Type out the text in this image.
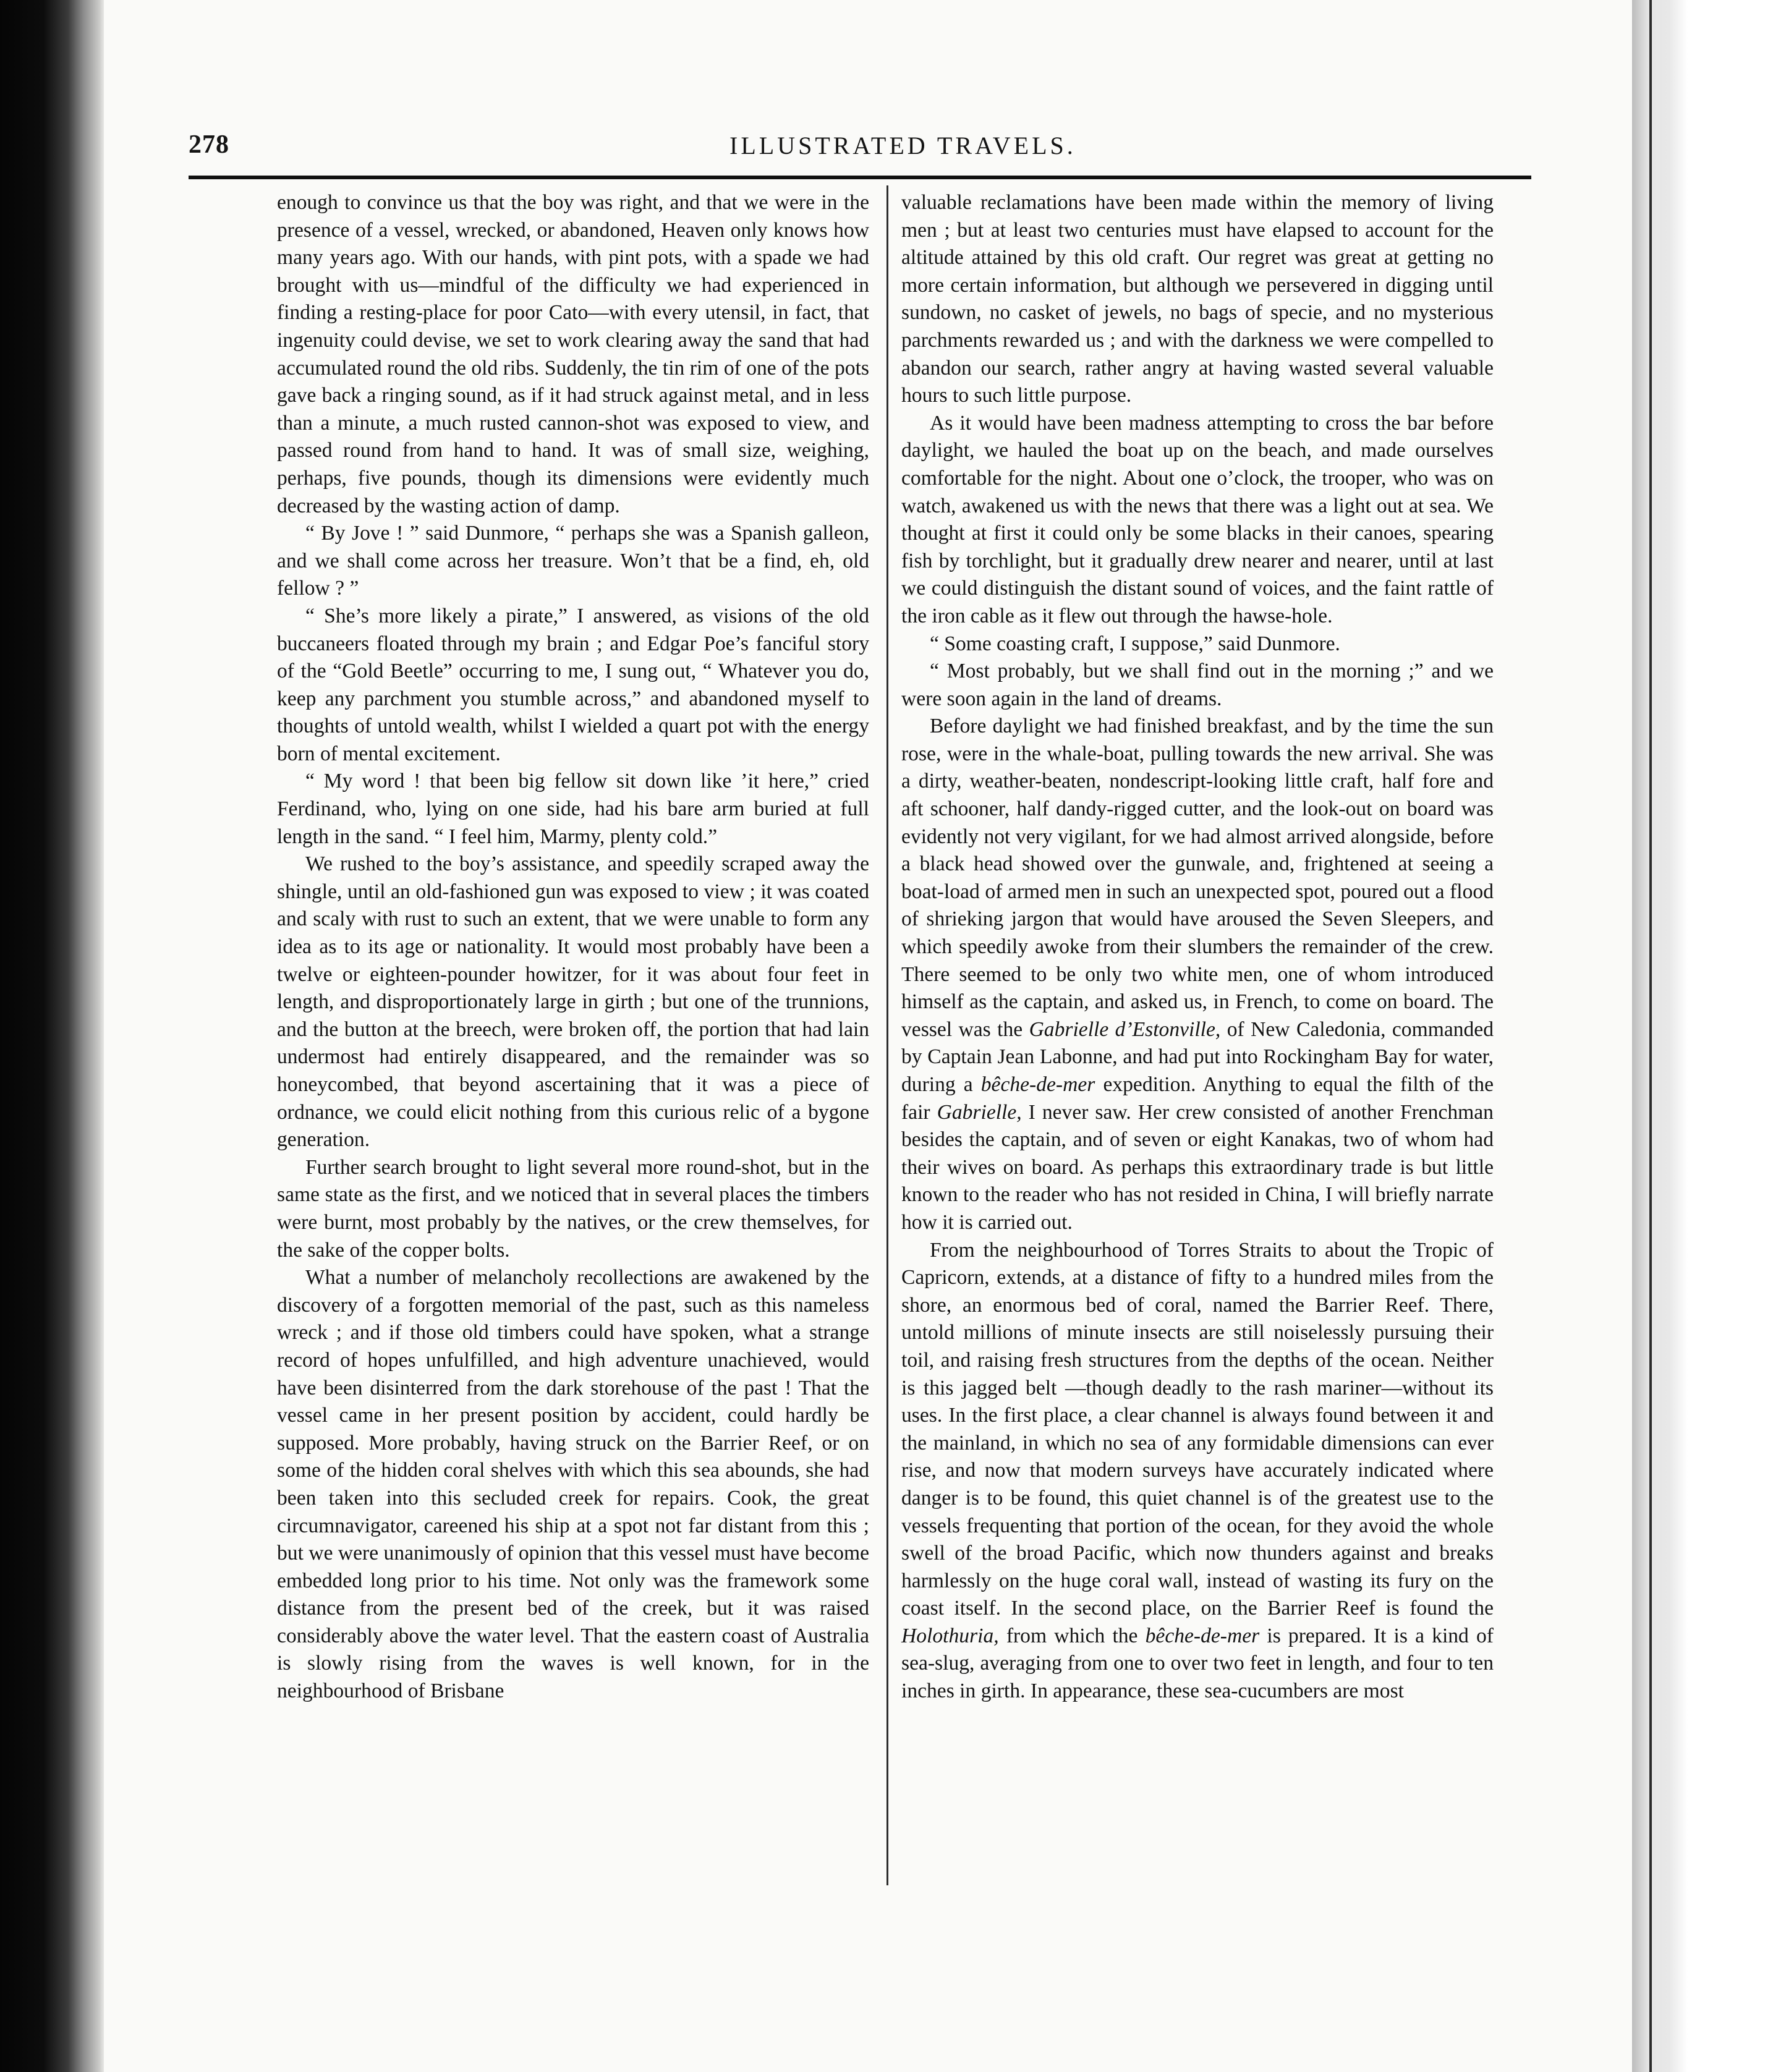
278	ILLUSTRATED TRAVELS.

enough to convince us that the boy was right, and that we were in the presence of a vessel, wrecked, or abandoned, Heaven only knows how many years ago. With our hands, with pint pots, with a spade we had brought with us—mindful of the difficulty we had experienced in finding a resting-place for poor Cato—with every utensil, in fact, that ingenuity could devise, we set to work clearing away the sand that had accumulated round the old ribs. Suddenly, the tin rim of one of the pots gave back a ringing sound, as if it had struck against metal, and in less than a minute, a much rusted cannon-shot was exposed to view, and passed round from hand to hand. It was of small size, weighing, perhaps, five pounds, though its dimensions were evidently much decreased by the wasting action of damp.

“ By Jove ! ” said Dunmore, “ perhaps she was a Spanish galleon, and we shall come across her treasure. Won’t that be a find, eh, old fellow ? ”

“ She’s more likely a pirate,” I answered, as visions of the old buccaneers floated through my brain ; and Edgar Poe’s fanciful story of the “Gold Beetle” occurring to me, I sung out, “ Whatever you do, keep any parchment you stumble across,” and abandoned myself to thoughts of untold wealth, whilst I wielded a quart pot with the energy born of mental excitement.

“ My word ! that been big fellow sit down like ’it here,” cried Ferdinand, who, lying on one side, had his bare arm buried at full length in the sand. “ I feel him, Marmy, plenty cold.”

We rushed to the boy’s assistance, and speedily scraped away the shingle, until an old-fashioned gun was exposed to view ; it was coated and scaly with rust to such an extent, that we were unable to form any idea as to its age or nationality. It would most probably have been a twelve or eighteen-pounder howitzer, for it was about four feet in length, and disproportionately large in girth ; but one of the trunnions, and the button at the breech, were broken off, the portion that had lain undermost had entirely disappeared, and the remainder was so honeycombed, that beyond ascertaining that it was a piece of ordnance, we could elicit nothing from this curious relic of a bygone generation.

Further search brought to light several more round-shot, but in the same state as the first, and we noticed that in several places the timbers were burnt, most probably by the natives, or the crew themselves, for the sake of the copper bolts.

What a number of melancholy recollections are awakened by the discovery of a forgotten memorial of the past, such as this nameless wreck ; and if those old timbers could have spoken, what a strange record of hopes unfulfilled, and high adventure unachieved, would have been disinterred from the dark storehouse of the past ! That the vessel came in her present position by accident, could hardly be supposed. More probably, having struck on the Barrier Reef, or on some of the hidden coral shelves with which this sea abounds, she had been taken into this secluded creek for repairs. Cook, the great circumnavigator, careened his ship at a spot not far distant from this ; but we were unanimously of opinion that this vessel must have become embedded long prior to his time. Not only was the framework some distance from the present bed of the creek, but it was raised considerably above the water level. That the eastern coast of Australia is slowly rising from the waves is well known, for in the neighbourhood of Brisbane

valuable reclamations have been made within the memory of living men ; but at least two centuries must have elapsed to account for the altitude attained by this old craft. Our regret was great at getting no more certain information, but although we persevered in digging until sundown, no casket of jewels, no bags of specie, and no mysterious parchments rewarded us ; and with the darkness we were compelled to abandon our search, rather angry at having wasted several valuable hours to such little purpose.

As it would have been madness attempting to cross the bar before daylight, we hauled the boat up on the beach, and made ourselves comfortable for the night. About one o’clock, the trooper, who was on watch, awakened us with the news that there was a light out at sea. We thought at first it could only be some blacks in their canoes, spearing fish by torchlight, but it gradually drew nearer and nearer, until at last we could distinguish the distant sound of voices, and the faint rattle of the iron cable as it flew out through the hawse-hole.

“ Some coasting craft, I suppose,” said Dunmore.

“ Most probably, but we shall find out in the morning ;” and we were soon again in the land of dreams.

Before daylight we had finished breakfast, and by the time the sun rose, were in the whale-boat, pulling towards the new arrival. She was a dirty, weather-beaten, nondescript-looking little craft, half fore and aft schooner, half dandy-rigged cutter, and the look-out on board was evidently not very vigilant, for we had almost arrived alongside, before a black head showed over the gunwale, and, frightened at seeing a boat-load of armed men in such an unexpected spot, poured out a flood of shrieking jargon that would have aroused the Seven Sleepers, and which speedily awoke from their slumbers the remainder of the crew. There seemed to be only two white men, one of whom introduced himself as the captain, and asked us, in French, to come on board. The vessel was the Gabrielle d’Estonville, of New Caledonia, commanded by Captain Jean Labonne, and had put into Rockingham Bay for water, during a bêche-de-mer expedition. Anything to equal the filth of the fair Gabrielle, I never saw. Her crew consisted of another Frenchman besides the captain, and of seven or eight Kanakas, two of whom had their wives on board. As perhaps this extraordinary trade is but little known to the reader who has not resided in China, I will briefly narrate how it is carried out.

From the neighbourhood of Torres Straits to about the Tropic of Capricorn, extends, at a distance of fifty to a hundred miles from the shore, an enormous bed of coral, named the Barrier Reef. There, untold millions of minute insects are still noiselessly pursuing their toil, and raising fresh structures from the depths of the ocean. Neither is this jagged belt —though deadly to the rash mariner—without its uses. In the first place, a clear channel is always found between it and the mainland, in which no sea of any formidable dimensions can ever rise, and now that modern surveys have accurately indicated where danger is to be found, this quiet channel is of the greatest use to the vessels frequenting that portion of the ocean, for they avoid the whole swell of the broad Pacific, which now thunders against and breaks harmlessly on the huge coral wall, instead of wasting its fury on the coast itself. In the second place, on the Barrier Reef is found the Holothuria, from which the bêche-de-mer is prepared. It is a kind of sea-slug, averaging from one to over two feet in length, and four to ten inches in girth. In appearance, these sea-cucumbers are most
